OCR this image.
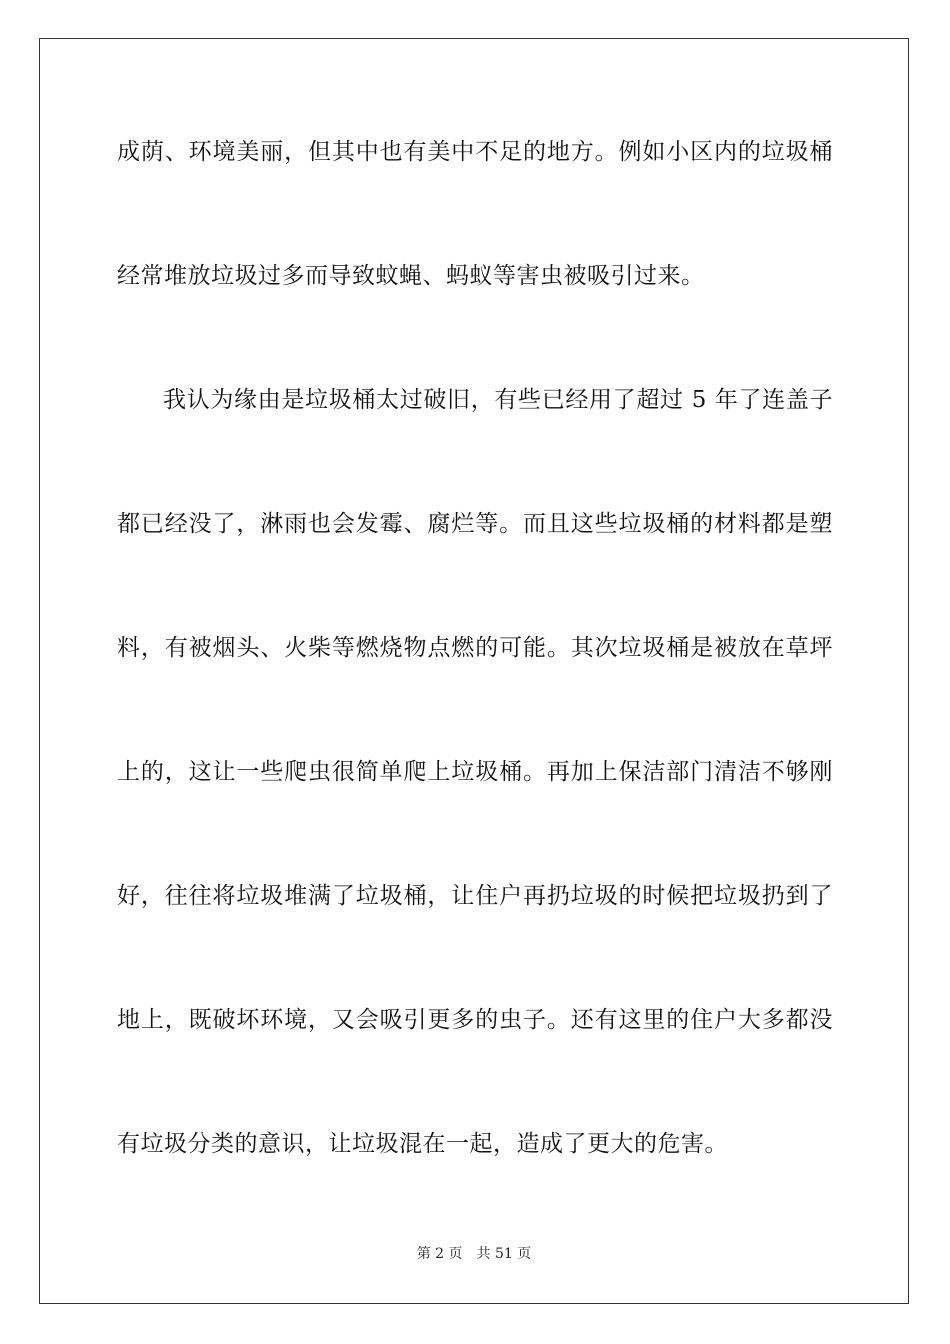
成荫、环境美丽，但其中也有美中不足的地方。例如小区内的垃圾桶
经常堆放垃圾过多而导致蚊蝇、蚂蚁等害虫被吸引过来。
我认为缘由是垃圾桶太过破旧，有些已经用了超过 5 年了连盖子
都已经没了，淋雨也会发霉、腐烂等。而且这些垃圾桶的材料都是塑
料，有被烟头、火柴等燃烧物点燃的可能。其次垃圾桶是被放在草坪
上的，这让一些爬虫很简单爬上垃圾桶。再加上保洁部门清洁不够刚
好，往往将垃圾堆满了垃圾桶，让住户再扔垃圾的时候把垃圾扔到了
地上，既破坏环境，又会吸引更多的虫子。还有这里的住户大多都没
有垃圾分类的意识，让垃圾混在一起，造成了更大的危害。
第 2 页 共 51 页
